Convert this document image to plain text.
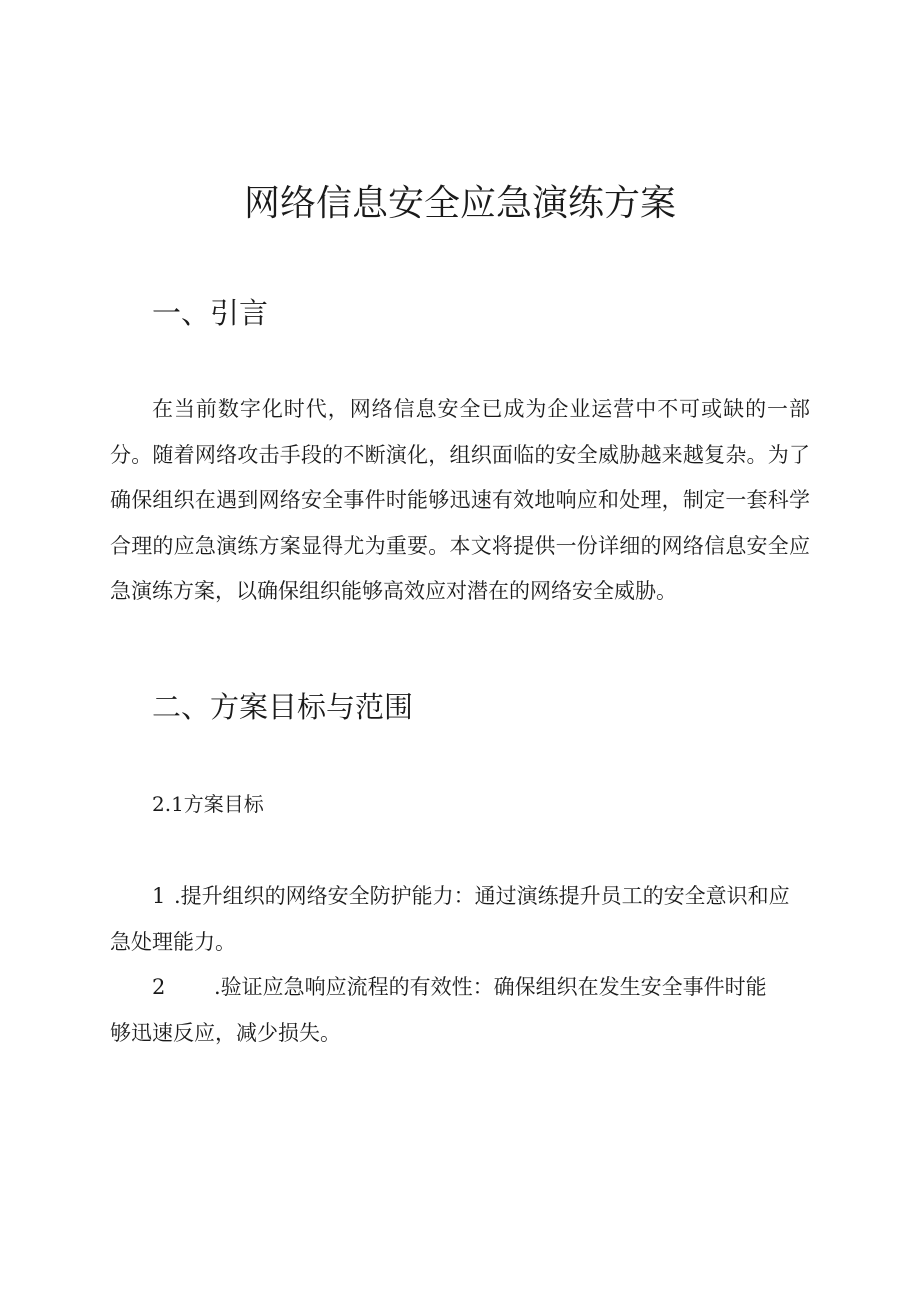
网络信息安全应急演练方案
一、引言

在当前数字化时代，网络信息安全已成为企业运营中不可或缺的一部分。随着网络攻击手段的不断演化，组织面临的安全威胁越来越复杂。为了确保组织在遇到网络安全事件时能够迅速有效地响应和处理，制定一套科学合理的应急演练方案显得尤为重要。本文将提供一份详细的网络信息安全应急演练方案，以确保组织能够高效应对潜在的网络安全威胁。

二、方案目标与范围

2.1方案目标

1 .提升组织的网络安全防护能力：通过演练提升员工的安全意识和应
急处理能力。
2 .验证应急响应流程的有效性：确保组织在发生安全事件时能
够迅速反应，减少损失。
